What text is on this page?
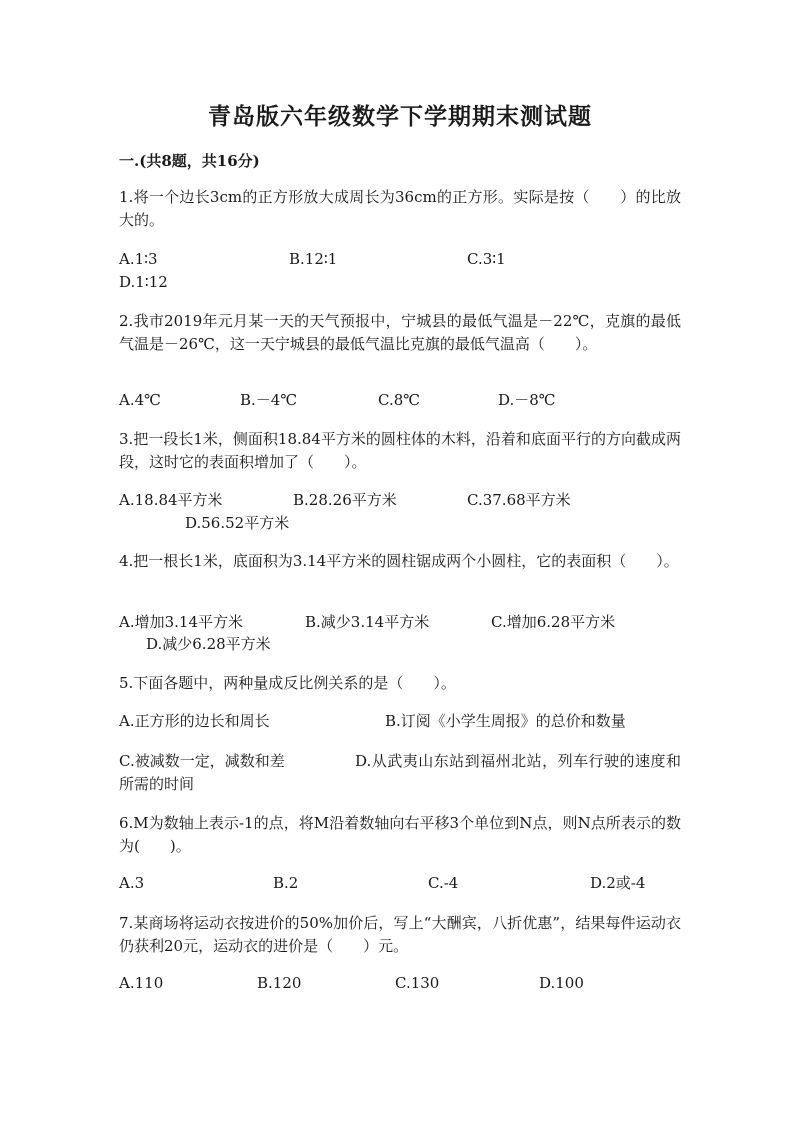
青岛版六年级数学下学期期末测试题
一.(共8题，共16分)
1.将一个边长3cm的正方形放大成周长为36cm的正方形。实际是按（　　）的比放大的。
A.1∶3	B.12∶1	C.3∶1
D.1∶12
2.我市2019年元月某一天的天气预报中，宁城县的最低气温是－22℃，克旗的最低气温是－26℃，这一天宁城县的最低气温比克旗的最低气温高（　　）。
A.4℃	B.－4℃	C.8℃	D.－8℃
3.把一段长1米，侧面积18.84平方米的圆柱体的木料，沿着和底面平行的方向截成两段，这时它的表面积增加了（　　）。
A.18.84平方米	B.28.26平方米	C.37.68平方米
D.56.52平方米
4.把一根长1米，底面积为3.14平方米的圆柱锯成两个小圆柱，它的表面积（　　）。
A.增加3.14平方米	B.减少3.14平方米	C.增加6.28平方米
D.减少6.28平方米
5.下面各题中，两种量成反比例关系的是（　　）。
A.正方形的边长和周长	B.订阅《小学生周报》的总价和数量
C.被减数一定，减数和差	D.从武夷山东站到福州北站，列车行驶的速度和所需的时间
6.M为数轴上表示-1的点，将M沿着数轴向右平移3个单位到N点，则N点所表示的数为(　　)。
A.3	B.2	C.-4	D.2或-4
7.某商场将运动衣按进价的50%加价后，写上“大酬宾，八折优惠”，结果每件运动衣仍获利20元，运动衣的进价是（　　）元。
A.110	B.120	C.130	D.100
